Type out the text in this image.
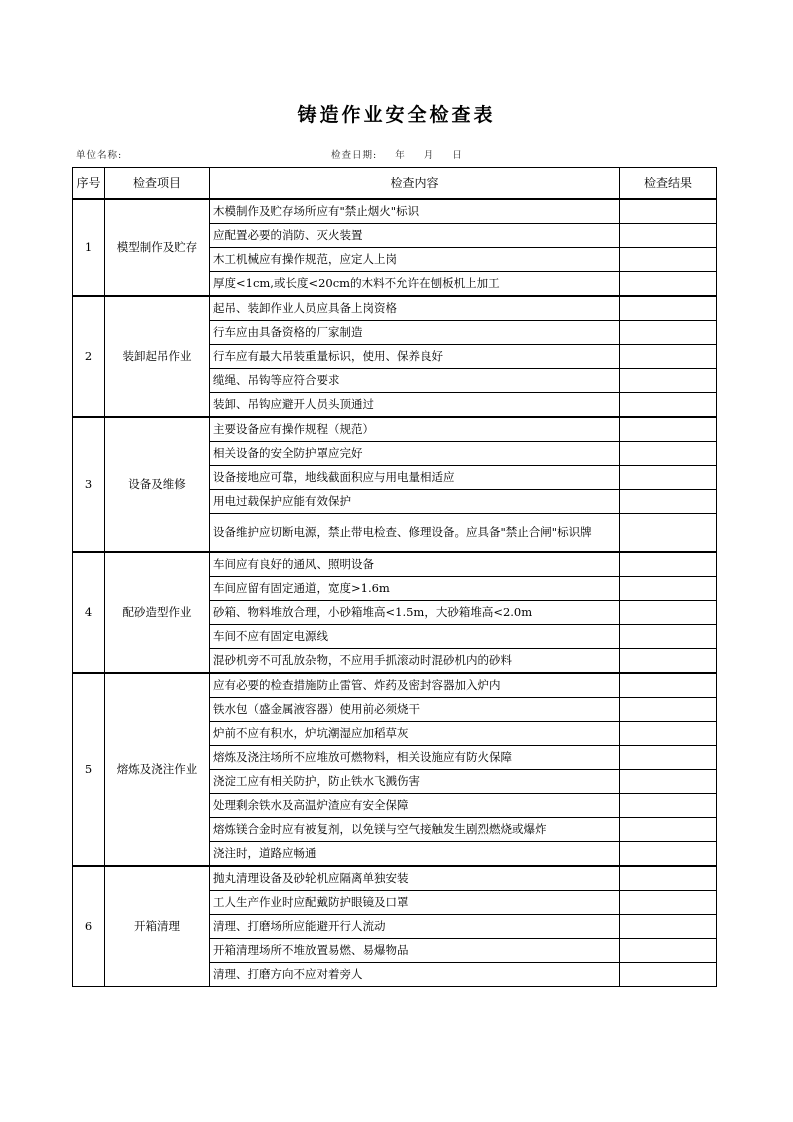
铸造作业安全检查表
单位名称:	检查日期: 年 月 日
序号	检查项目	检查内容	检查结果
1	模型制作及贮存	木模制作及贮存场所应有"禁止烟火"标识	
		应配置必要的消防、灭火装置	
		木工机械应有操作规范，应定人上岗	
		厚度<1cm,或长度<20cm的木料不允许在刨板机上加工	
2	装卸起吊作业	起吊、装卸作业人员应具备上岗资格	
		行车应由具备资格的厂家制造	
		行车应有最大吊装重量标识，使用、保养良好	
		缆绳、吊钩等应符合要求	
		装卸、吊钩应避开人员头顶通过	
3	设备及维修	主要设备应有操作规程（规范）	
		相关设备的安全防护罩应完好	
		设备接地应可靠，地线截面积应与用电量相适应	
		用电过载保护应能有效保护	
		设备维护应切断电源，禁止带电检查、修理设备。应具备"禁止合闸"标识牌	
4	配砂造型作业	车间应有良好的通风、照明设备	
		车间应留有固定通道，宽度>1.6m	
		砂箱、物料堆放合理，小砂箱堆高<1.5m，大砂箱堆高<2.0m	
		车间不应有固定电源线	
		混砂机旁不可乱放杂物，不应用手抓滚动时混砂机内的砂料	
5	熔炼及浇注作业	应有必要的检查措施防止雷管、炸药及密封容器加入炉内	
		铁水包（盛金属液容器）使用前必须烧干	
		炉前不应有积水，炉坑潮湿应加稻草灰	
		熔炼及浇注场所不应堆放可燃物料，相关设施应有防火保障	
		浇淀工应有相关防护，防止铁水飞溅伤害	
		处理剩余铁水及高温炉渣应有安全保障	
		熔炼镁合金时应有被复剂，以免镁与空气接触发生剧烈燃烧或爆炸	
		浇注时，道路应畅通	
6	开箱清理	抛丸清理设备及砂轮机应隔离单独安装	
		工人生产作业时应配戴防护眼镜及口罩	
		清理、打磨场所应能避开行人流动	
		开箱清理场所不堆放置易燃、易爆物品	
		清理、打磨方向不应对着旁人	
